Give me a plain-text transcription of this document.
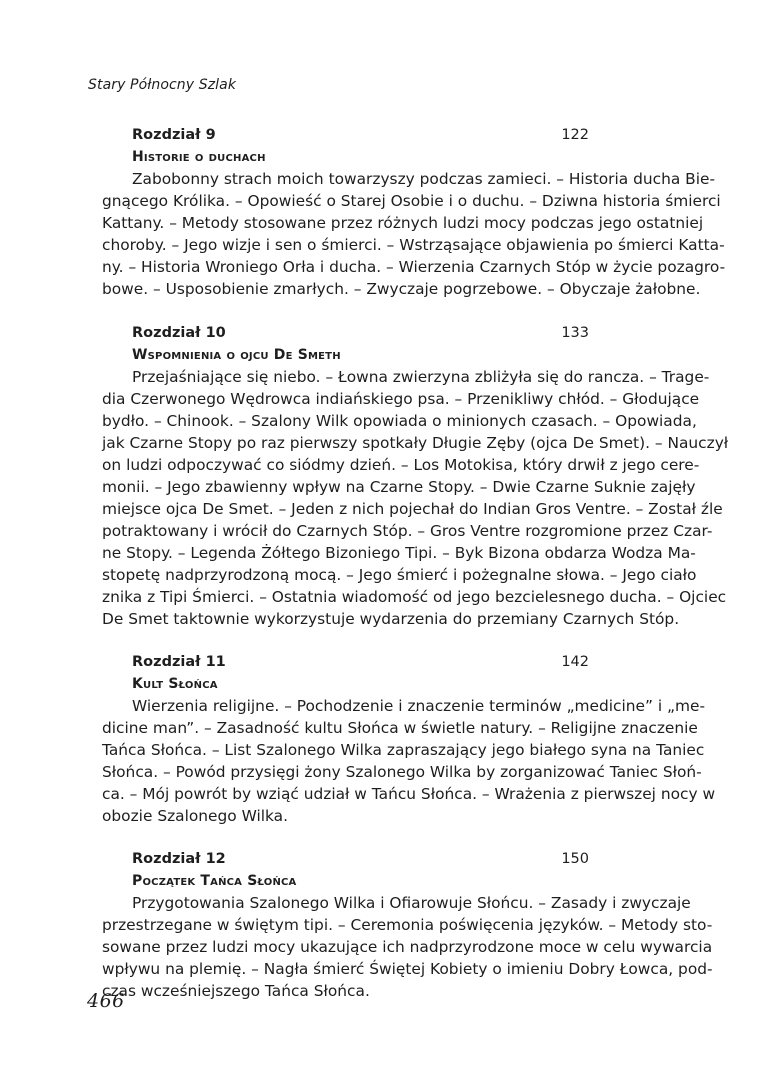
Stary Północny Szlak
Rozdział 9	122
Historie o duchach

Zabobonny strach moich towarzyszy podczas zamieci. – Historia ducha Bie-
gnącego Królika. – Opowieść o Starej Osobie i o duchu. – Dziwna historia śmierci
Kattany. – Metody stosowane przez różnych ludzi mocy podczas jego ostatniej
choroby. – Jego wizje i sen o śmierci. – Wstrząsające objawienia po śmierci Katta-
ny. – Historia Wroniego Orła i ducha. – Wierzenia Czarnych Stóp w życie pozagro-
bowe. – Usposobienie zmarłych. – Zwyczaje pogrzebowe. – Obyczaje żałobne.

Rozdział 10	133
Wspomnienia o ojcu De Smeth

Przejaśniające się niebo. – Łowna zwierzyna zbliżyła się do rancza. – Trage-
dia Czerwonego Wędrowca indiańskiego psa. – Przenikliwy chłód. – Głodujące
bydło. – Chinook. – Szalony Wilk opowiada o minionych czasach. – Opowiada,
jak Czarne Stopy po raz pierwszy spotkały Długie Zęby (ojca De Smet). – Nauczył
on ludzi odpoczywać co siódmy dzień. – Los Motokisa, który drwił z jego cere-
monii. – Jego zbawienny wpływ na Czarne Stopy. – Dwie Czarne Suknie zajęły
miejsce ojca De Smet. – Jeden z nich pojechał do Indian Gros Ventre. – Został źle
potraktowany i wrócił do Czarnych Stóp. – Gros Ventre rozgromione przez Czar-
ne Stopy. – Legenda Żółtego Bizoniego Tipi. – Byk Bizona obdarza Wodza Ma-
stopetę nadprzyrodzoną mocą. – Jego śmierć i pożegnalne słowa. – Jego ciało
znika z Tipi Śmierci. – Ostatnia wiadomość od jego bezcielesnego ducha. – Ojciec
De Smet taktownie wykorzystuje wydarzenia do przemiany Czarnych Stóp.

Rozdział 11	142
Kult Słońca

Wierzenia religijne. – Pochodzenie i znaczenie terminów „medicine” i „me-
dicine man”. – Zasadność kultu Słońca w świetle natury. – Religijne znaczenie
Tańca Słońca. – List Szalonego Wilka zapraszający jego białego syna na Taniec
Słońca. – Powód przysięgi żony Szalonego Wilka by zorganizować Taniec Słoń-
ca. – Mój powrót by wziąć udział w Tańcu Słońca. – Wrażenia z pierwszej nocy w
obozie Szalonego Wilka.

Rozdział 12	150
Początek Tańca Słońca

Przygotowania Szalonego Wilka i Ofiarowuje Słońcu. – Zasady i zwyczaje
przestrzegane w świętym tipi. – Ceremonia poświęcenia języków. – Metody sto-
sowane przez ludzi mocy ukazujące ich nadprzyrodzone moce w celu wywarcia
wpływu na plemię. – Nagła śmierć Świętej Kobiety o imieniu Dobry Łowca, pod-
czas wcześniejszego Tańca Słońca.

466
